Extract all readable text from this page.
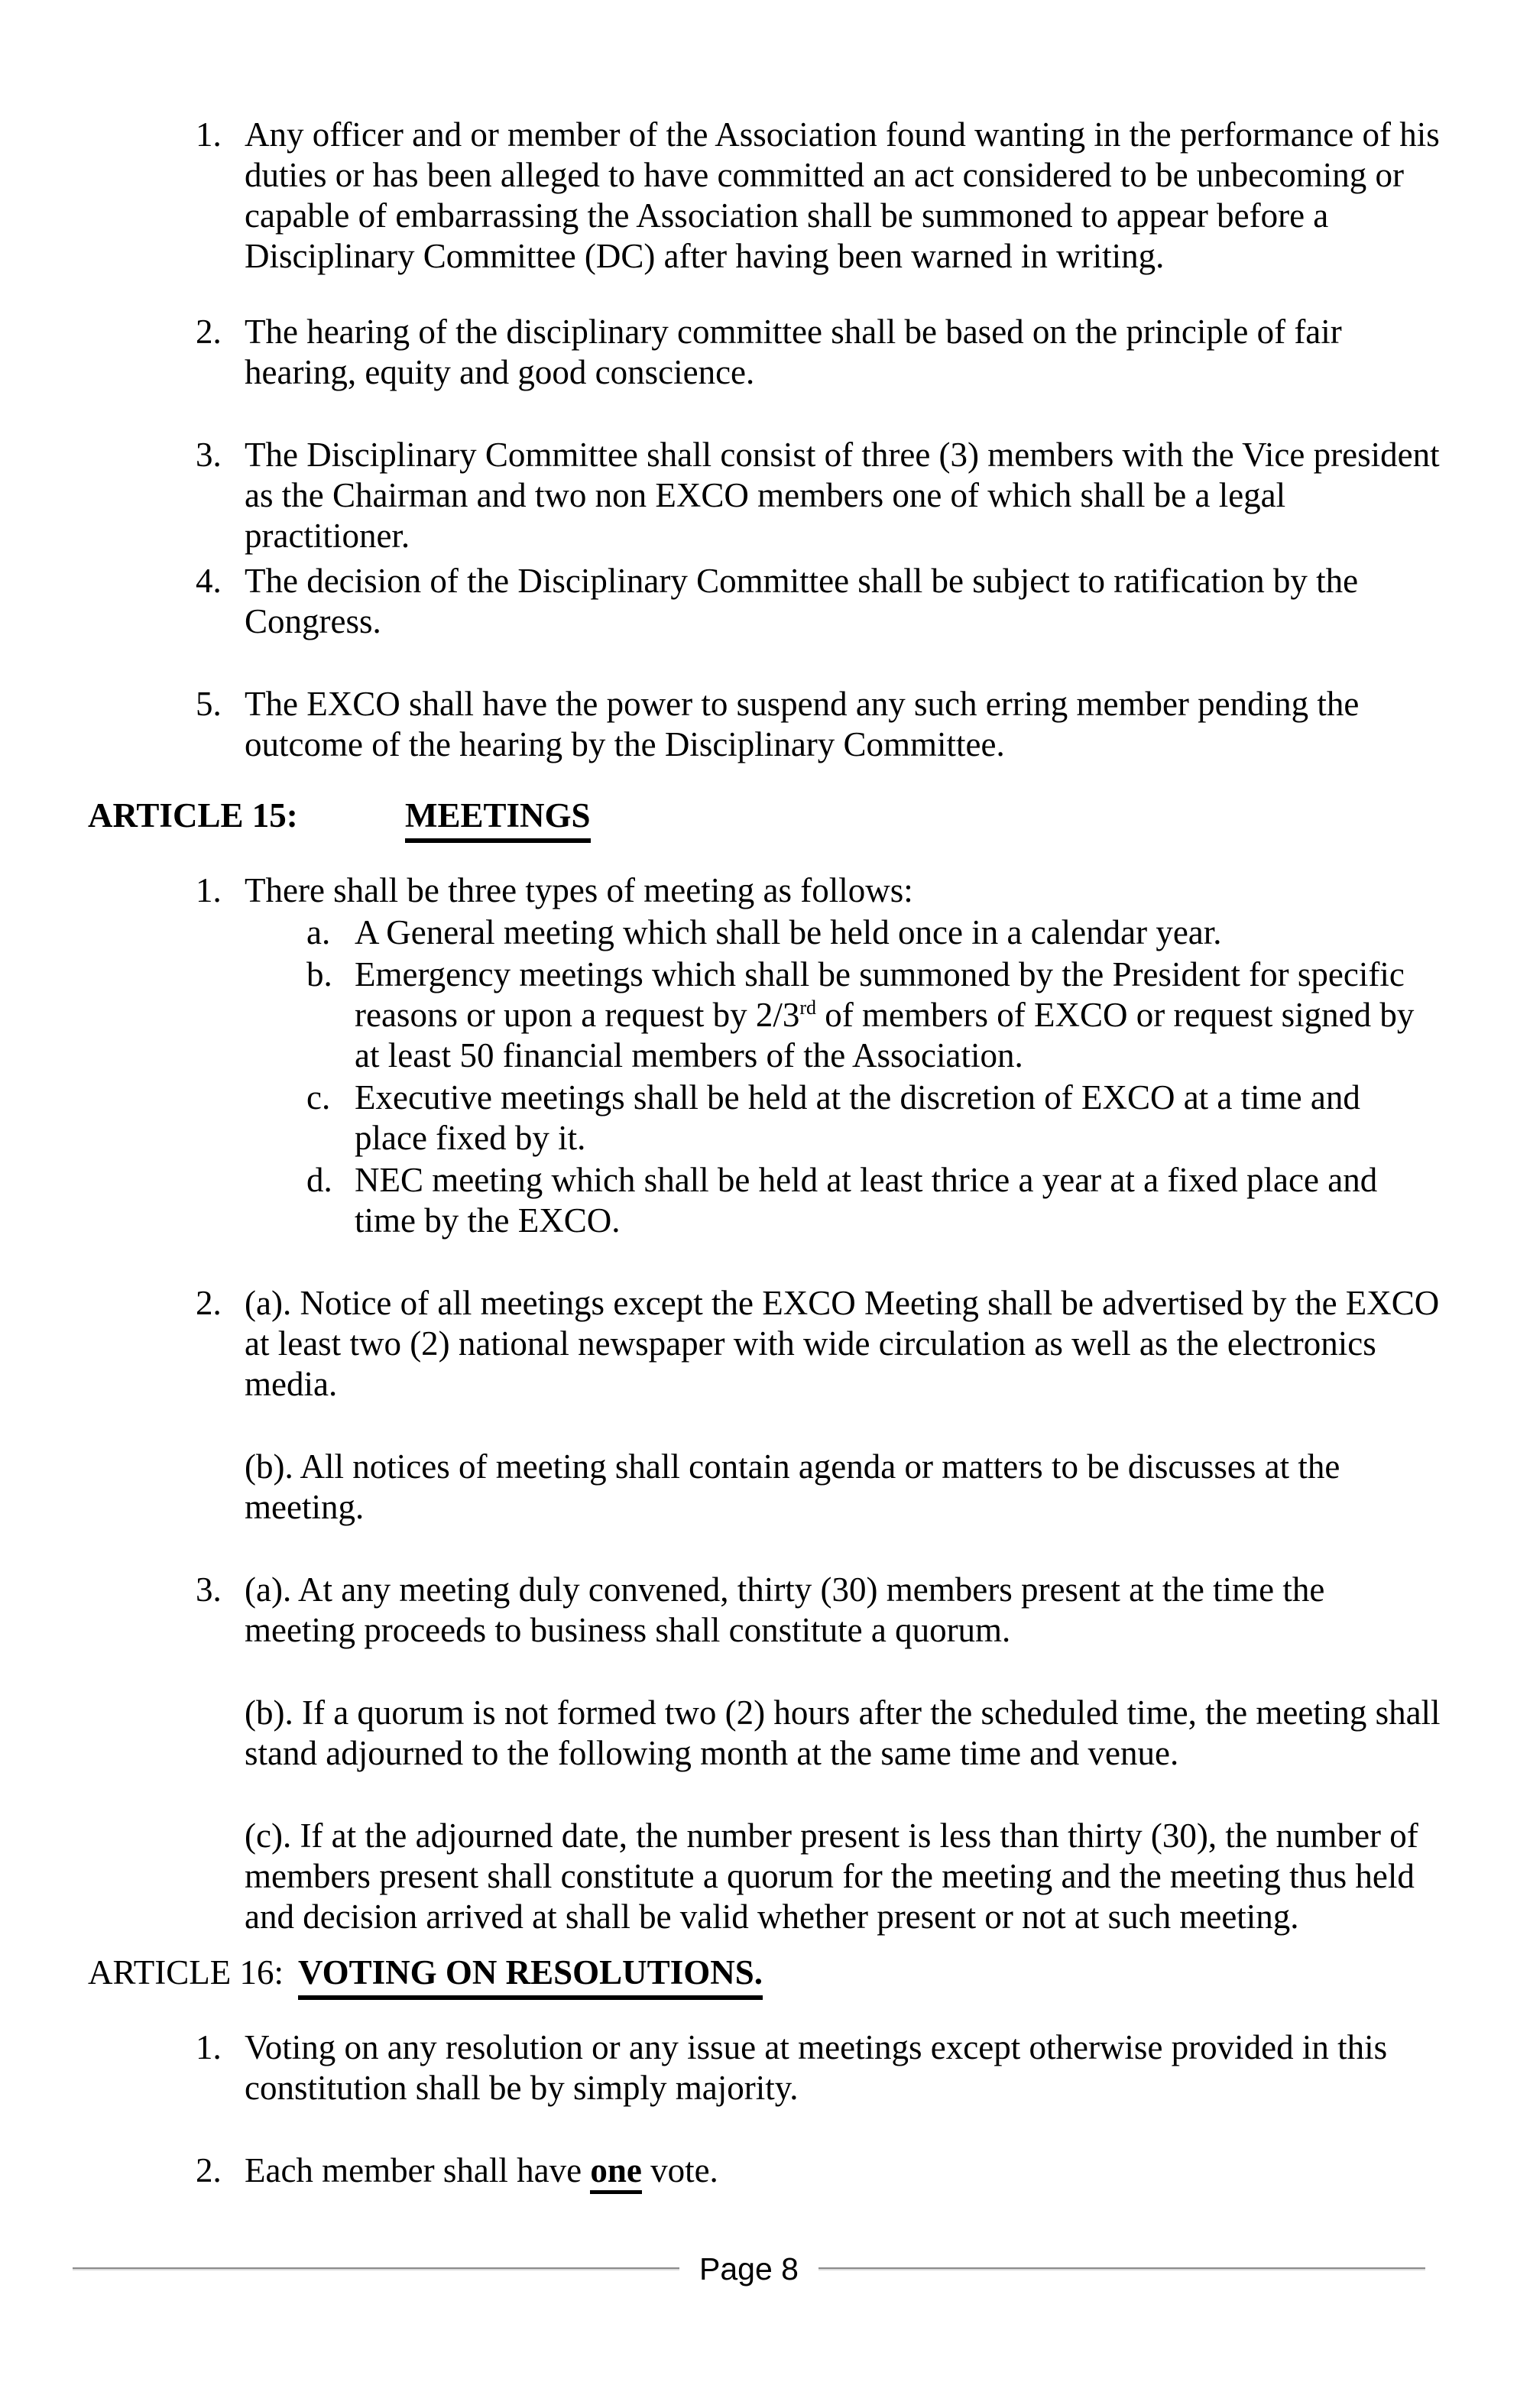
1. Any officer and or member of the Association found wanting in the performance of his duties or has been alleged to have committed an act considered to be unbecoming or capable of embarrassing the Association shall be summoned to appear before a Disciplinary Committee (DC) after having been warned in writing.
2. The hearing of the disciplinary committee shall be based on the principle of fair hearing, equity and good conscience.
3. The Disciplinary Committee shall consist of three (3) members with the Vice president as the Chairman and two non EXCO members one of which shall be a legal practitioner.
4. The decision of the Disciplinary Committee shall be subject to ratification by the Congress.
5. The EXCO shall have the power to suspend any such erring member pending the outcome of the hearing by the Disciplinary Committee.
ARTICLE 15:	MEETINGS
1. There shall be three types of meeting as follows:
a. A General meeting which shall be held once in a calendar year.
b. Emergency meetings which shall be summoned by the President for specific reasons or upon a request by 2/3rd of members of EXCO or request signed by at least 50 financial members of the Association.
c. Executive meetings shall be held at the discretion of EXCO at a time and place fixed by it.
d. NEC meeting which shall be held at least thrice a year at a fixed place and time by the EXCO.
2. (a). Notice of all meetings except the EXCO Meeting shall be advertised by the EXCO at least two (2) national newspaper with wide circulation as well as the electronics media.

(b). All notices of meeting shall contain agenda or matters to be discusses at the meeting.

3. (a). At any meeting duly convened, thirty (30) members present at the time the meeting proceeds to business shall constitute a quorum.

(b). If a quorum is not formed two (2) hours after the scheduled time, the meeting shall stand adjourned to the following month at the same time and venue.

(c). If at the adjourned date, the number present is less than thirty (30), the number of members present shall constitute a quorum for the meeting and the meeting thus held and decision arrived at shall be valid whether present or not at such meeting.

ARTICLE 16: VOTING ON RESOLUTIONS.
1. Voting on any resolution or any issue at meetings except otherwise provided in this constitution shall be by simply majority.
2. Each member shall have one vote.
Page 8
